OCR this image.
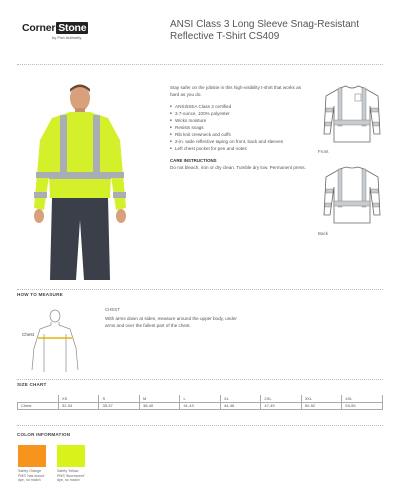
Corner Stone
by Port Authority
ANSI Class 3 Long Sleeve Snag-Resistant
Reflective T-Shirt CS409

Stay safer on the jobsite in this high-visibility t-shirt that works as hard as you do.

■ ANSI/ISEA Class 3 certified
■ 3.7-ounce, 100% polyester
■ Wicks moisture
■ Resists snags
■ Rib knit crewneck and cuffs
■ 2-in. wide reflective taping on front, back and sleeves
■ Left chest pocket for pen and notes
CARE INSTRUCTIONS
Do not bleach, iron or dry clean. Tumble dry low. Permanent press.
Front
Back
HOW TO MEASURE
Chest
CHEST
With arms down at sides, measure around the upper body, under arms and over the fullest part of the chest.
SIZE CHART
	XS	S	M	L	XL	2XL	3XL	4XL
Chest	32-34	35-37	38-40	41-43	44-46	47-49	50-52	53-55
COLOR INFORMATION
Safety Orange
PMS 'has mould'
dye, no match
Safety Yellow
PMS 'fluorescent'
dye, no match
